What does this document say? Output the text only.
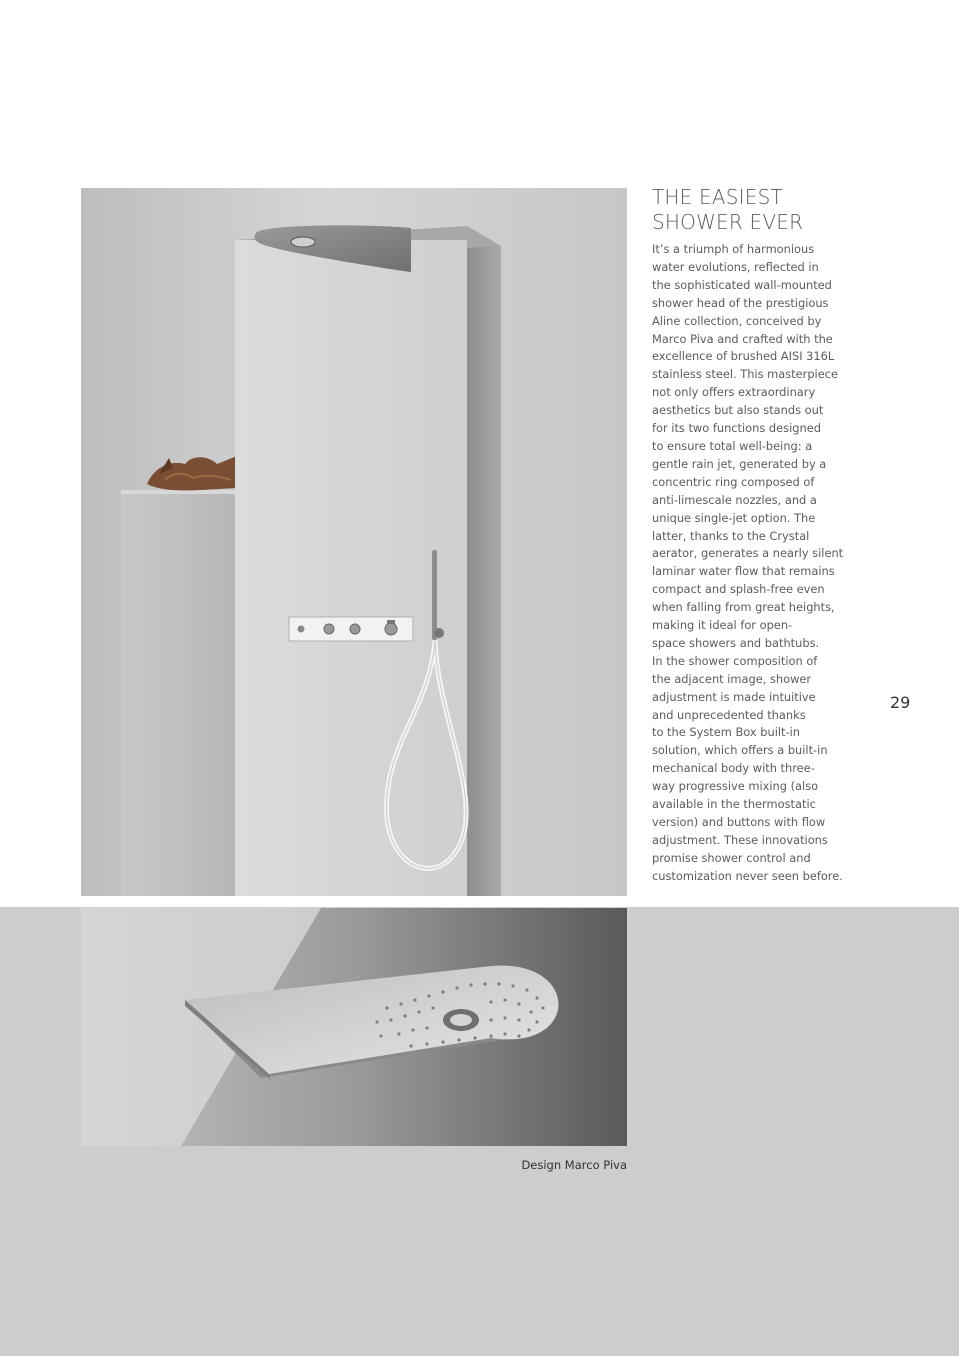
THE EASIEST
SHOWER EVER
It’s a triumph of harmonious
water evolutions, reflected in
the sophisticated wall-mounted
shower head of the prestigious
Aline collection, conceived by
Marco Piva and crafted with the
excellence of brushed AISI 316L
stainless steel. This masterpiece
not only offers extraordinary
aesthetics but also stands out
for its two functions designed
to ensure total well-being: a
gentle rain jet, generated by a
concentric ring composed of
anti-limescale nozzles, and a
unique single-jet option. The
latter, thanks to the Crystal
aerator, generates a nearly silent
laminar water flow that remains
compact and splash-free even
when falling from great heights,
making it ideal for open-
space showers and bathtubs.
In the shower composition of
the adjacent image, shower
adjustment is made intuitive
and unprecedented thanks
to the System Box built-in
solution, which offers a built-in
mechanical body with three-
way progressive mixing (also
available in the thermostatic
version) and buttons with flow
adjustment. These innovations
promise shower control and
customization never seen before.
29
Design Marco Piva
